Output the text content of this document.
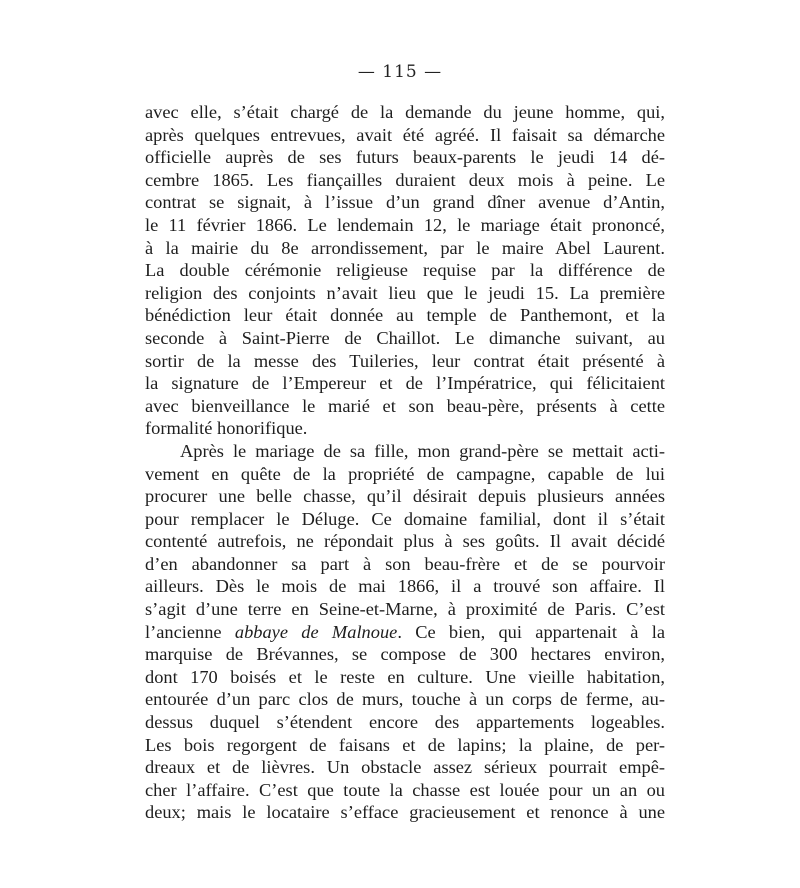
— 115 —
avec elle, s’était chargé de la demande du jeune homme, qui,
après quelques entrevues, avait été agréé. Il faisait sa démarche
officielle auprès de ses futurs beaux-parents le jeudi 14 dé-
cembre 1865. Les fiançailles duraient deux mois à peine. Le
contrat se signait, à l’issue d’un grand dîner avenue d’Antin,
le 11 février 1866. Le lendemain 12, le mariage était prononcé,
à la mairie du 8e arrondissement, par le maire Abel Laurent.
La double cérémonie religieuse requise par la différence de
religion des conjoints n’avait lieu que le jeudi 15. La première
bénédiction leur était donnée au temple de Panthemont, et la
seconde à Saint-Pierre de Chaillot. Le dimanche suivant, au
sortir de la messe des Tuileries, leur contrat était présenté à
la signature de l’Empereur et de l’Impératrice, qui félicitaient
avec bienveillance le marié et son beau-père, présents à cette
formalité honorifique.
Après le mariage de sa fille, mon grand-père se mettait acti-
vement en quête de la propriété de campagne, capable de lui
procurer une belle chasse, qu’il désirait depuis plusieurs années
pour remplacer le Déluge. Ce domaine familial, dont il s’était
contenté autrefois, ne répondait plus à ses goûts. Il avait décidé
d’en abandonner sa part à son beau-frère et de se pourvoir
ailleurs. Dès le mois de mai 1866, il a trouvé son affaire. Il
s’agit d’une terre en Seine-et-Marne, à proximité de Paris. C’est
l’ancienne abbaye de Malnoue. Ce bien, qui appartenait à la
marquise de Brévannes, se compose de 300 hectares environ,
dont 170 boisés et le reste en culture. Une vieille habitation,
entourée d’un parc clos de murs, touche à un corps de ferme, au-
dessus duquel s’étendent encore des appartements logeables.
Les bois regorgent de faisans et de lapins; la plaine, de per-
dreaux et de lièvres. Un obstacle assez sérieux pourrait empê-
cher l’affaire. C’est que toute la chasse est louée pour un an ou
deux; mais le locataire s’efface gracieusement et renonce à une
